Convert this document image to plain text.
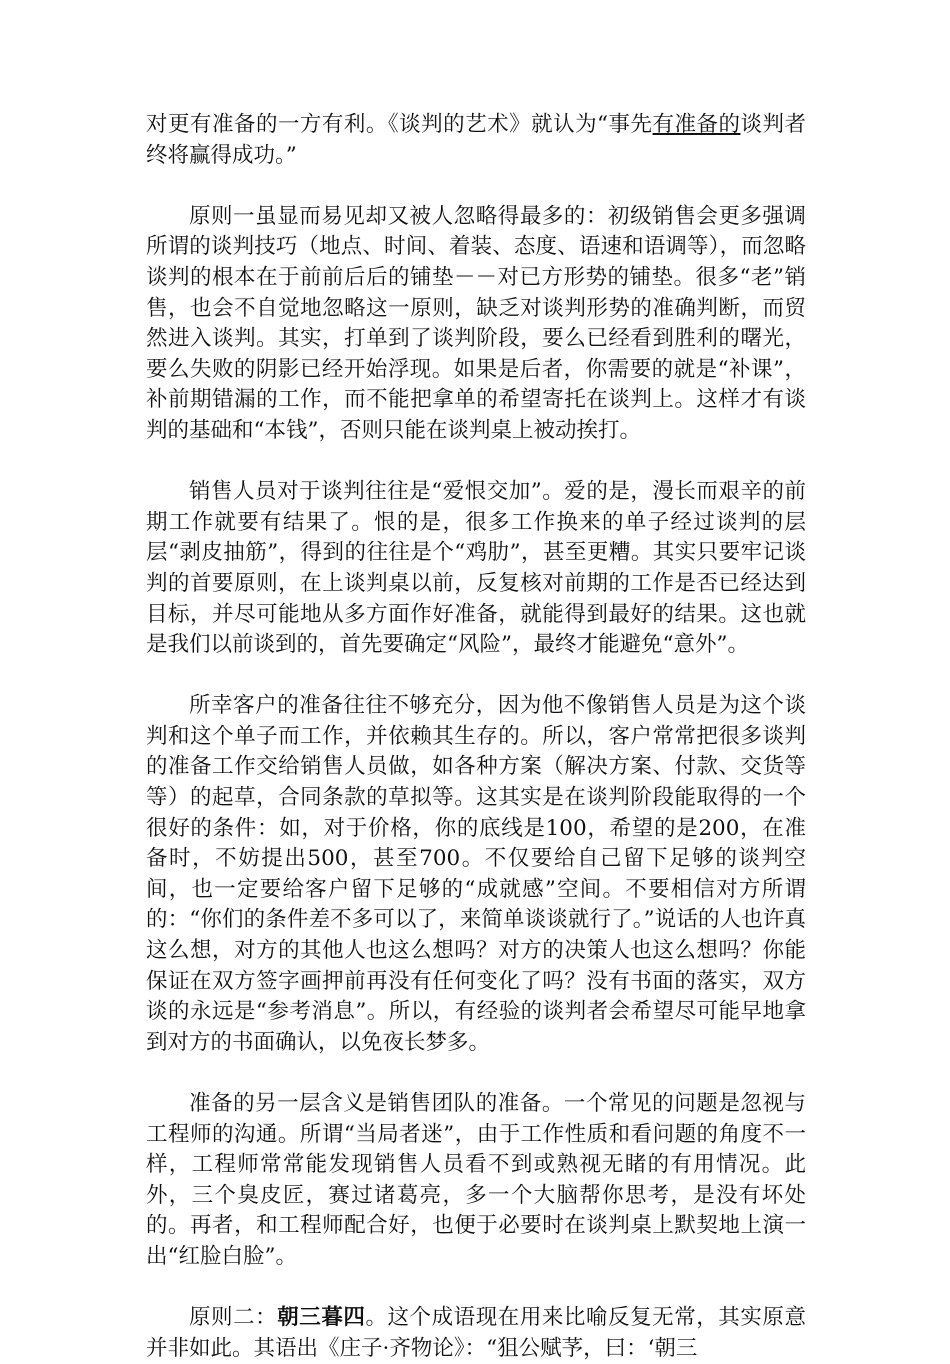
对更有准备的一方有利。《谈判的艺术》就认为“事先有准备的谈判者终将赢得成功。”

原则一虽显而易见却又被人忽略得最多的：初级销售会更多强调所谓的谈判技巧（地点、时间、着装、态度、语速和语调等），而忽略谈判的根本在于前前后后的铺垫－－对已方形势的铺垫。很多“老”销售，也会不自觉地忽略这一原则，缺乏对谈判形势的准确判断，而贸然进入谈判。其实，打单到了谈判阶段，要么已经看到胜利的曙光，要么失败的阴影已经开始浮现。如果是后者，你需要的就是“补课”，补前期错漏的工作，而不能把拿单的希望寄托在谈判上。这样才有谈判的基础和“本钱”，否则只能在谈判桌上被动挨打。

销售人员对于谈判往往是“爱恨交加”。爱的是，漫长而艰辛的前期工作就要有结果了。恨的是，很多工作换来的单子经过谈判的层层“剥皮抽筋”，得到的往往是个“鸡肋”，甚至更糟。其实只要牢记谈判的首要原则，在上谈判桌以前，反复核对前期的工作是否已经达到目标，并尽可能地从多方面作好准备，就能得到最好的结果。这也就是我们以前谈到的，首先要确定“风险”，最终才能避免“意外”。

所幸客户的准备往往不够充分，因为他不像销售人员是为这个谈判和这个单子而工作，并依赖其生存的。所以，客户常常把很多谈判的准备工作交给销售人员做，如各种方案（解决方案、付款、交货等等）的起草，合同条款的草拟等。这其实是在谈判阶段能取得的一个很好的条件：如，对于价格，你的底线是100，希望的是200，在准备时，不妨提出500，甚至700。不仅要给自己留下足够的谈判空间，也一定要给客户留下足够的“成就感”空间。不要相信对方所谓的：“你们的条件差不多可以了，来简单谈谈就行了。”说话的人也许真这么想，对方的其他人也这么想吗？对方的决策人也这么想吗？你能保证在双方签字画押前再没有任何变化了吗？没有书面的落实，双方谈的永远是“参考消息”。所以，有经验的谈判者会希望尽可能早地拿到对方的书面确认，以免夜长梦多。

准备的另一层含义是销售团队的准备。一个常见的问题是忽视与工程师的沟通。所谓“当局者迷”，由于工作性质和看问题的角度不一样，工程师常常能发现销售人员看不到或熟视无睹的有用情况。此外，三个臭皮匠，赛过诸葛亮，多一个大脑帮你思考，是没有坏处的。再者，和工程师配合好，也便于必要时在谈判桌上默契地上演一出“红脸白脸”。

原则二：朝三暮四。这个成语现在用来比喻反复无常，其实原意并非如此。其语出《庄子·齐物论》：“狙公赋芧，曰：‘朝三
